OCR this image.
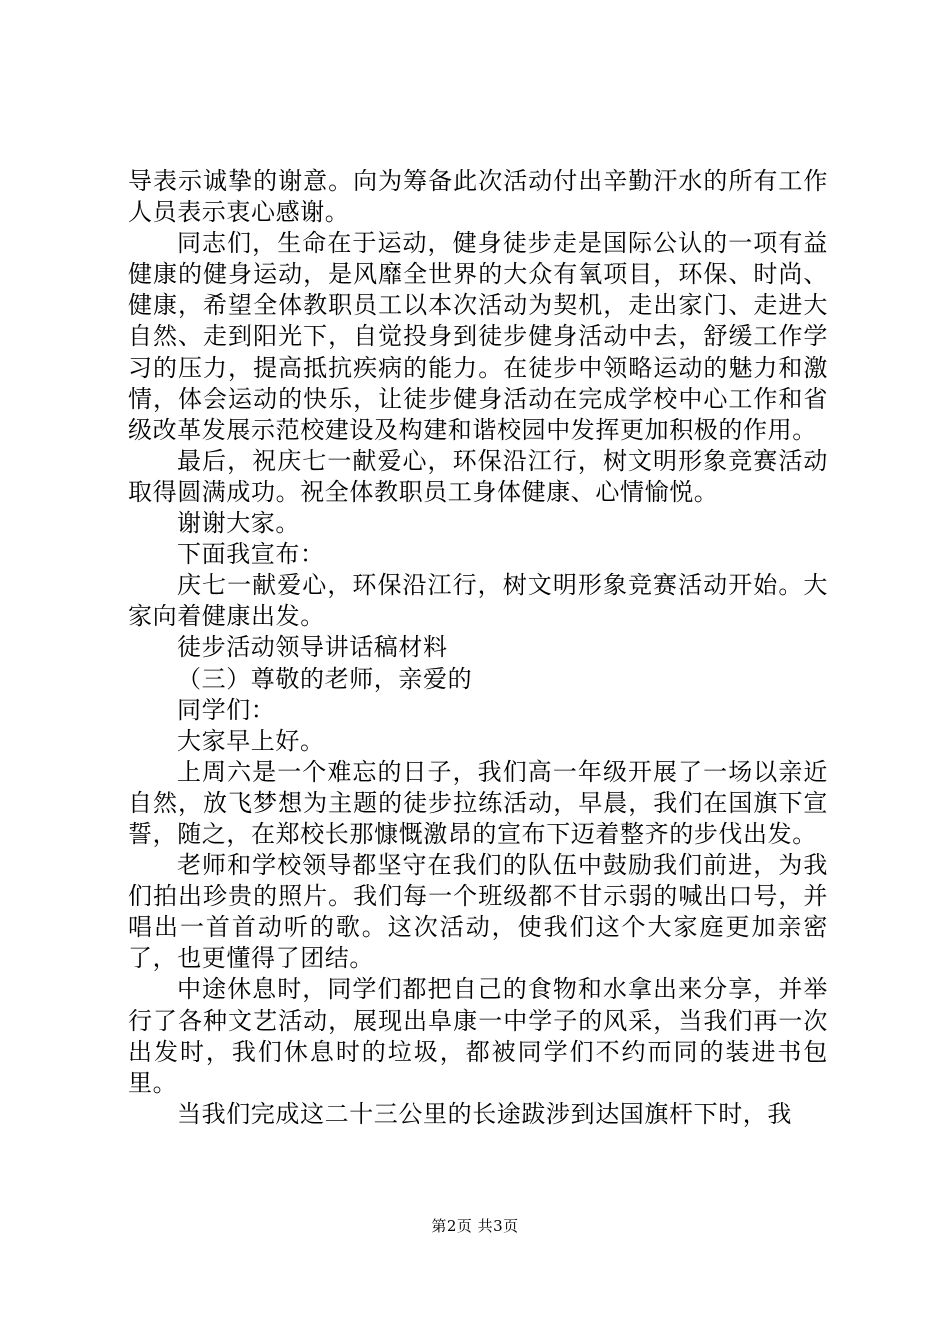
导表示诚挚的谢意。向为筹备此次活动付出辛勤汗水的所有工作人员表示衷心感谢。

同志们，生命在于运动，健身徒步走是国际公认的一项有益健康的健身运动，是风靡全世界的大众有氧项目，环保、时尚、健康，希望全体教职员工以本次活动为契机，走出家门、走进大自然、走到阳光下，自觉投身到徒步健身活动中去，舒缓工作学习的压力，提高抵抗疾病的能力。在徒步中领略运动的魅力和激情，体会运动的快乐，让徒步健身活动在完成学校中心工作和省级改革发展示范校建设及构建和谐校园中发挥更加积极的作用。

最后，祝庆七一献爱心，环保沿江行，树文明形象竞赛活动取得圆满成功。祝全体教职员工身体健康、心情愉悦。

谢谢大家。

下面我宣布：

庆七一献爱心，环保沿江行，树文明形象竞赛活动开始。大家向着健康出发。

徒步活动领导讲话稿材料

（三）尊敬的老师，亲爱的

同学们：

大家早上好。

上周六是一个难忘的日子，我们高一年级开展了一场以亲近自然，放飞梦想为主题的徒步拉练活动，早晨，我们在国旗下宣誓，随之，在郑校长那慷慨激昂的宣布下迈着整齐的步伐出发。

老师和学校领导都坚守在我们的队伍中鼓励我们前进，为我们拍出珍贵的照片。我们每一个班级都不甘示弱的喊出口号，并唱出一首首动听的歌。这次活动，使我们这个大家庭更加亲密了，也更懂得了团结。

中途休息时，同学们都把自己的食物和水拿出来分享，并举行了各种文艺活动，展现出阜康一中学子的风采，当我们再一次出发时，我们休息时的垃圾，都被同学们不约而同的装进书包里。

当我们完成这二十三公里的长途跋涉到达国旗杆下时，我

第2页 共3页
